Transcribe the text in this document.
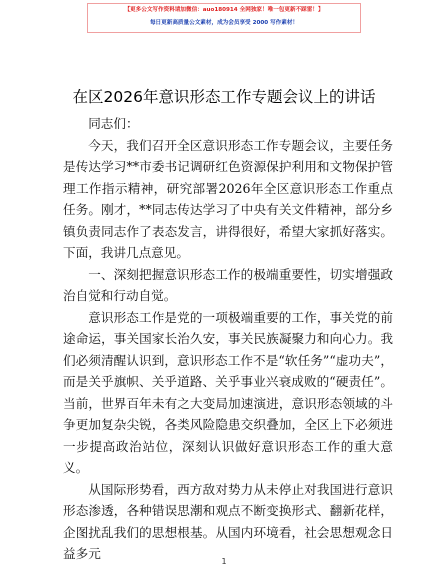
【更多公文写作资料请加微信：auo180914 全网独家！唯一包更新不踩雷！】
每日更新高质量公文素材，成为会员享受 2000 写作素材！
在区2026年意识形态工作专题会议上的讲话

同志们：

今天，我们召开全区意识形态工作专题会议，主要任务是传达学习**市委书记调研红色资源保护利用和文物保护管理工作指示精神，研究部署2026年全区意识形态工作重点任务。刚才，**同志传达学习了中央有关文件精神，部分乡镇负责同志作了表态发言，讲得很好，希望大家抓好落实。下面，我讲几点意见。

一、深刻把握意识形态工作的极端重要性，切实增强政治自觉和行动自觉。

意识形态工作是党的一项极端重要的工作，事关党的前途命运，事关国家长治久安，事关民族凝聚力和向心力。我们必须清醒认识到，意识形态工作不是“软任务”“虚功夫”，而是关乎旗帜、关乎道路、关乎事业兴衰成败的“硬责任”。当前，世界百年未有之大变局加速演进，意识形态领域的斗争更加复杂尖锐，各类风险隐患交织叠加，全区上下必须进一步提高政治站位，深刻认识做好意识形态工作的重大意义。

从国际形势看，西方敌对势力从未停止对我国进行意识形态渗透，各种错误思潮和观点不断变换形式、翻新花样，企图扰乱我们的思想根基。从国内环境看，社会思想观念日益多元

1
